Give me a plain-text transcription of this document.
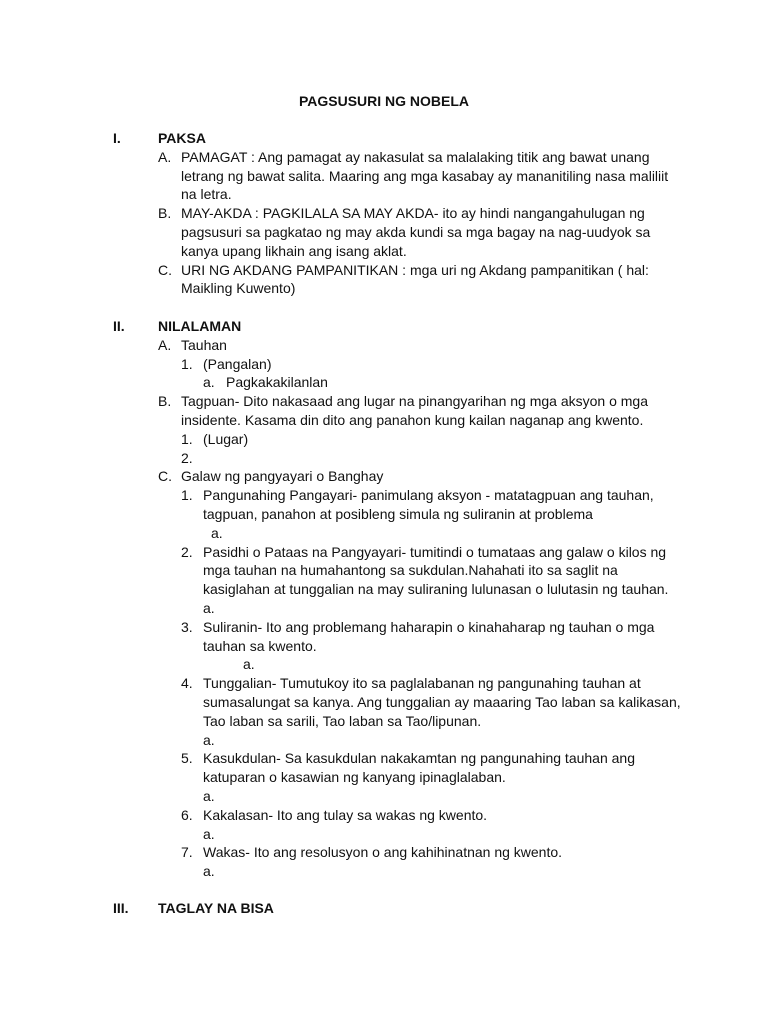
PAGSUSURI NG NOBELA
I.	PAKSA
A. PAMAGAT : Ang pamagat ay nakasulat sa malalaking titik ang bawat unang
letrang ng bawat salita. Maaring ang mga kasabay ay mananitiling nasa maliliit
na letra.
B. MAY-AKDA : PAGKILALA SA MAY AKDA- ito ay hindi nangangahulugan ng
pagsusuri sa pagkatao ng may akda kundi sa mga bagay na nag-uudyok sa
kanya upang likhain ang isang aklat.
C. URI NG AKDANG PAMPANITIKAN : mga uri ng Akdang pampanitikan ( hal:
Maikling Kuwento)
II. NILALAMAN
A. Tauhan
1. (Pangalan)
a. Pagkakakilanlan
B. Tagpuan- Dito nakasaad ang lugar na pinangyarihan ng mga aksyon o mga
insidente. Kasama din dito ang panahon kung kailan naganap ang kwento.
1. (Lugar)
2.
C. Galaw ng pangyayari o Banghay
1. Pangunahing Pangayari- panimulang aksyon - matatagpuan ang tauhan,
tagpuan, panahon at posibleng simula ng suliranin at problema
a.
2. Pasidhi o Pataas na Pangyayari- tumitindi o tumataas ang galaw o kilos ng
mga tauhan na humahantong sa sukdulan.Nahahati ito sa saglit na
kasiglahan at tunggalian na may suliraning lulunasan o lulutasin ng tauhan.
a.
3. Suliranin- Ito ang problemang haharapin o kinahaharap ng tauhan o mga
tauhan sa kwento.
a.
4. Tunggalian- Tumutukoy ito sa paglalabanan ng pangunahing tauhan at
sumasalungat sa kanya. Ang tunggalian ay maaaring Tao laban sa kalikasan,
Tao laban sa sarili, Tao laban sa Tao/lipunan.
a.
5. Kasukdulan- Sa kasukdulan nakakamtan ng pangunahing tauhan ang
katuparan o kasawian ng kanyang ipinaglalaban.
a.
6. Kakalasan- Ito ang tulay sa wakas ng kwento.
a.
7. Wakas- Ito ang resolusyon o ang kahihinatnan ng kwento.
a.
III. TAGLAY NA BISA
